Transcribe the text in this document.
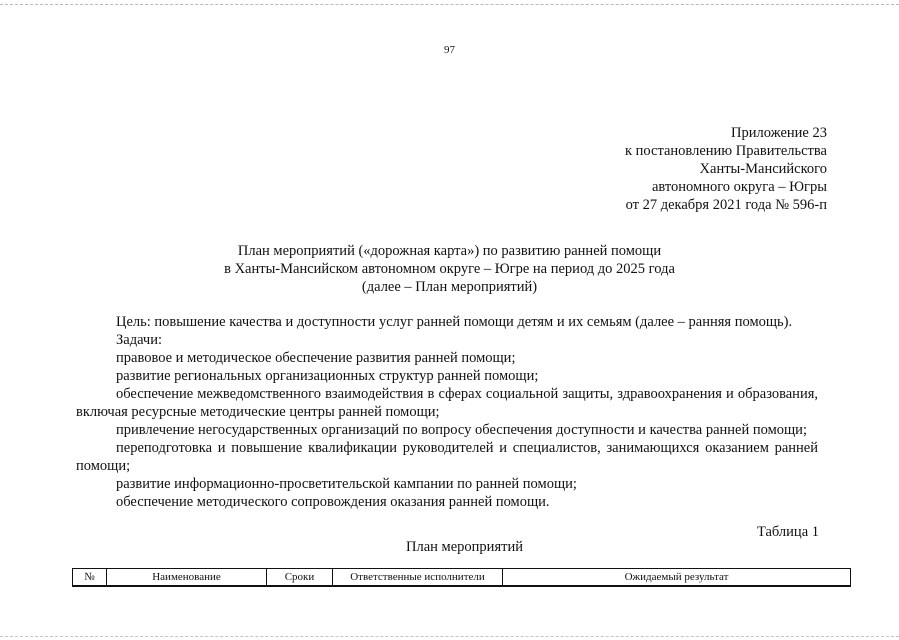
97
Приложение 23
к постановлению Правительства
Ханты-Мансийского
автономного округа – Югры
от 27 декабря 2021 года № 596-п
План мероприятий («дорожная карта») по развитию ранней помощи
в Ханты-Мансийском автономном округе – Югре на период до 2025 года
(далее – План мероприятий)

Цель: повышение качества и доступности услуг ранней помощи детям и их семьям (далее – ранняя помощь).

Задачи:

правовое и методическое обеспечение развития ранней помощи;

развитие региональных организационных структур ранней помощи;

обеспечение межведомственного взаимодействия в сферах социальной защиты, здравоохранения и образования, включая ресурсные методические центры ранней помощи;

привлечение негосударственных организаций по вопросу обеспечения доступности и качества ранней помощи;

переподготовка и повышение квалификации руководителей и специалистов, занимающихся оказанием ранней помощи;

развитие информационно-просветительской кампании по ранней помощи;

обеспечение методического сопровождения оказания ранней помощи.

Таблица 1
План мероприятий
№	Наименование	Сроки	Ответственные исполнители	Ожидаемый результат
